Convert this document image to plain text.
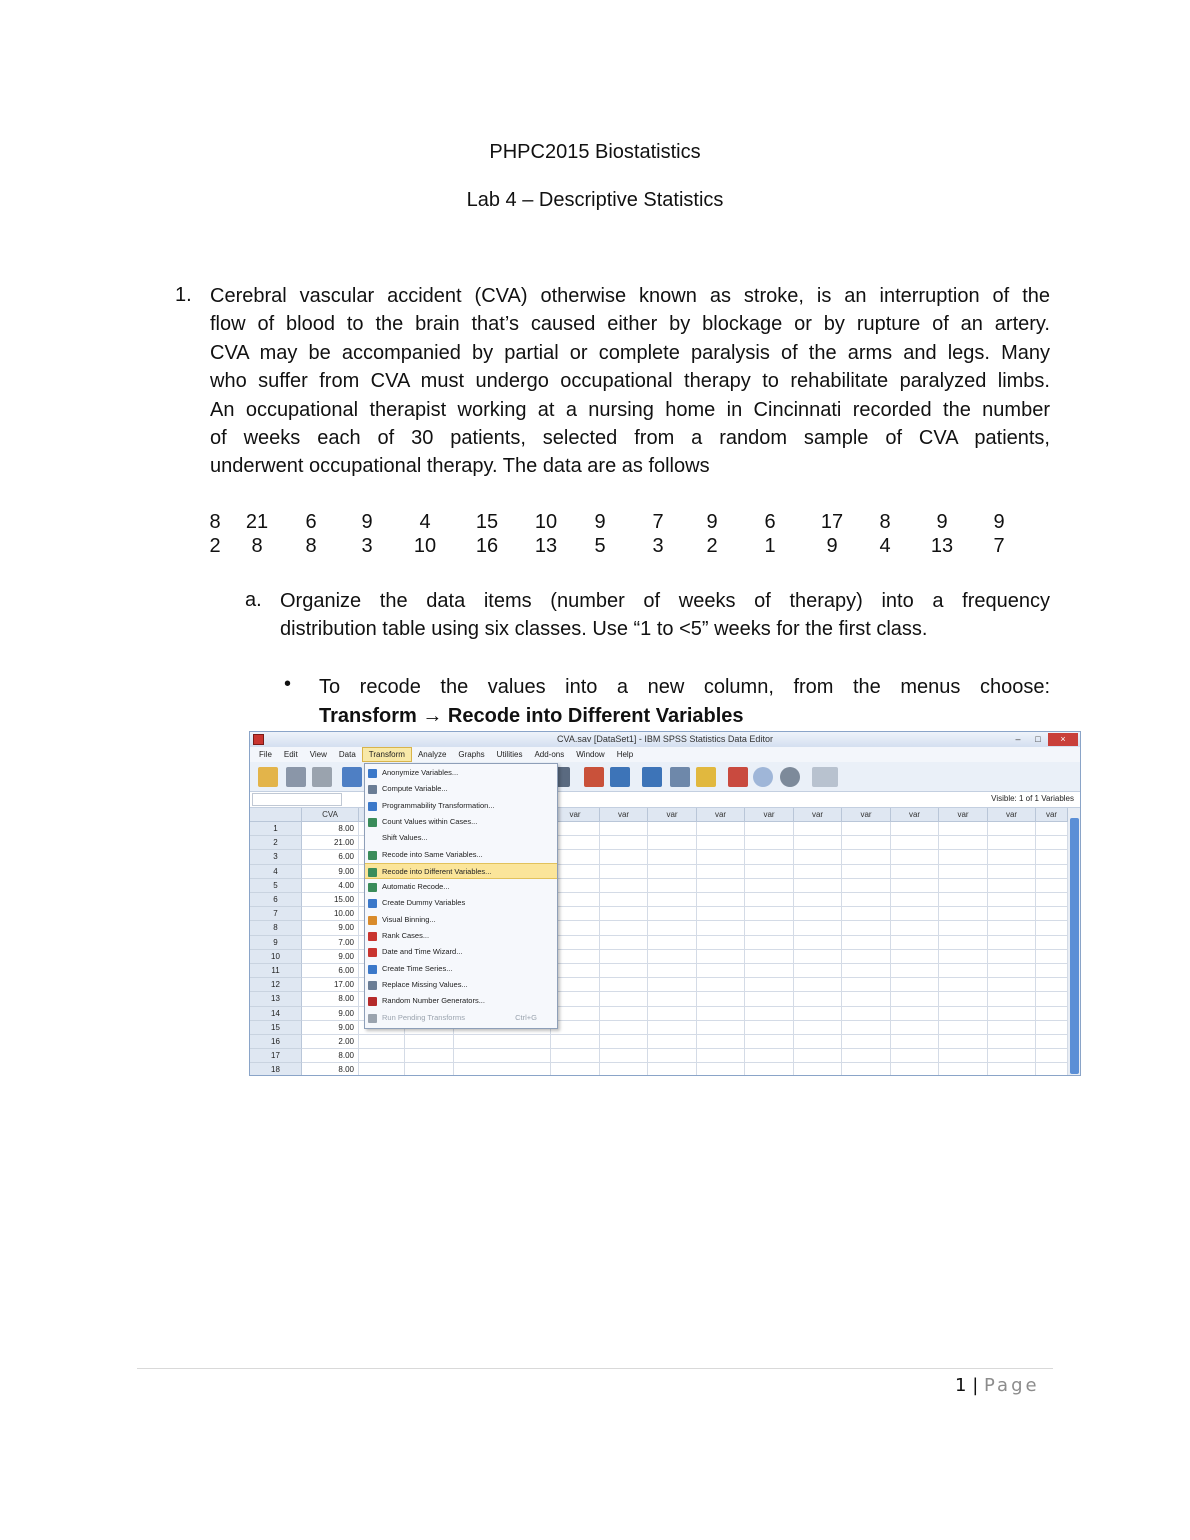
PHPC2015 Biostatistics
Lab 4 – Descriptive Statistics
1. Cerebral vascular accident (CVA) otherwise known as stroke, is an interruption of the
flow of blood to the brain that’s caused either by blockage or by rupture of an artery.
CVA may be accompanied by partial or complete paralysis of the arms and legs. Many
who suffer from CVA must undergo occupational therapy to rehabilitate paralyzed limbs.
An occupational therapist working at a nursing home in Cincinnati recorded the number
of weeks each of 30 patients, selected from a random sample of CVA patients,
underwent occupational therapy. The data are as follows
8	21	6	9	4	15	10	9	7	9	6	17	8	9	9
2	8	8	3	10	16	13	5	3	2	1	9	4	13	7
a. Organize the data items (number of weeks of therapy) into a frequency
distribution table using six classes. Use “1 to <5” weeks for the first class.
• To recode the values into a new column, from the menus choose:
Transform → Recode into Different Variables
CVA.sav [DataSet1] - IBM SPSS Statistics Data Editor	–	□	×
File	Edit	View	Data	Transform	Analyze	Graphs	Utilities	Add-ons	Window	Help
Visible: 1 of 1 Variables
CVA	var	var	var	var	var	var	var	var	var	var	var
1	8.00
2	21.00
3	6.00
4	9.00
5	4.00
6	15.00
7	10.00
8	9.00
9	7.00
10	9.00
11	6.00
12	17.00
13	8.00
14	9.00
15	9.00
16	2.00
17	8.00
18	8.00
Anonymize Variables...
Compute Variable...
Programmability Transformation...
Count Values within Cases...
Shift Values...
Recode into Same Variables...
Recode into Different Variables...
Automatic Recode...
Create Dummy Variables
Visual Binning...
Rank Cases...
Date and Time Wizard...
Create Time Series...
Replace Missing Values...
Random Number Generators...
Run Pending Transforms	Ctrl+G
1 | Page
